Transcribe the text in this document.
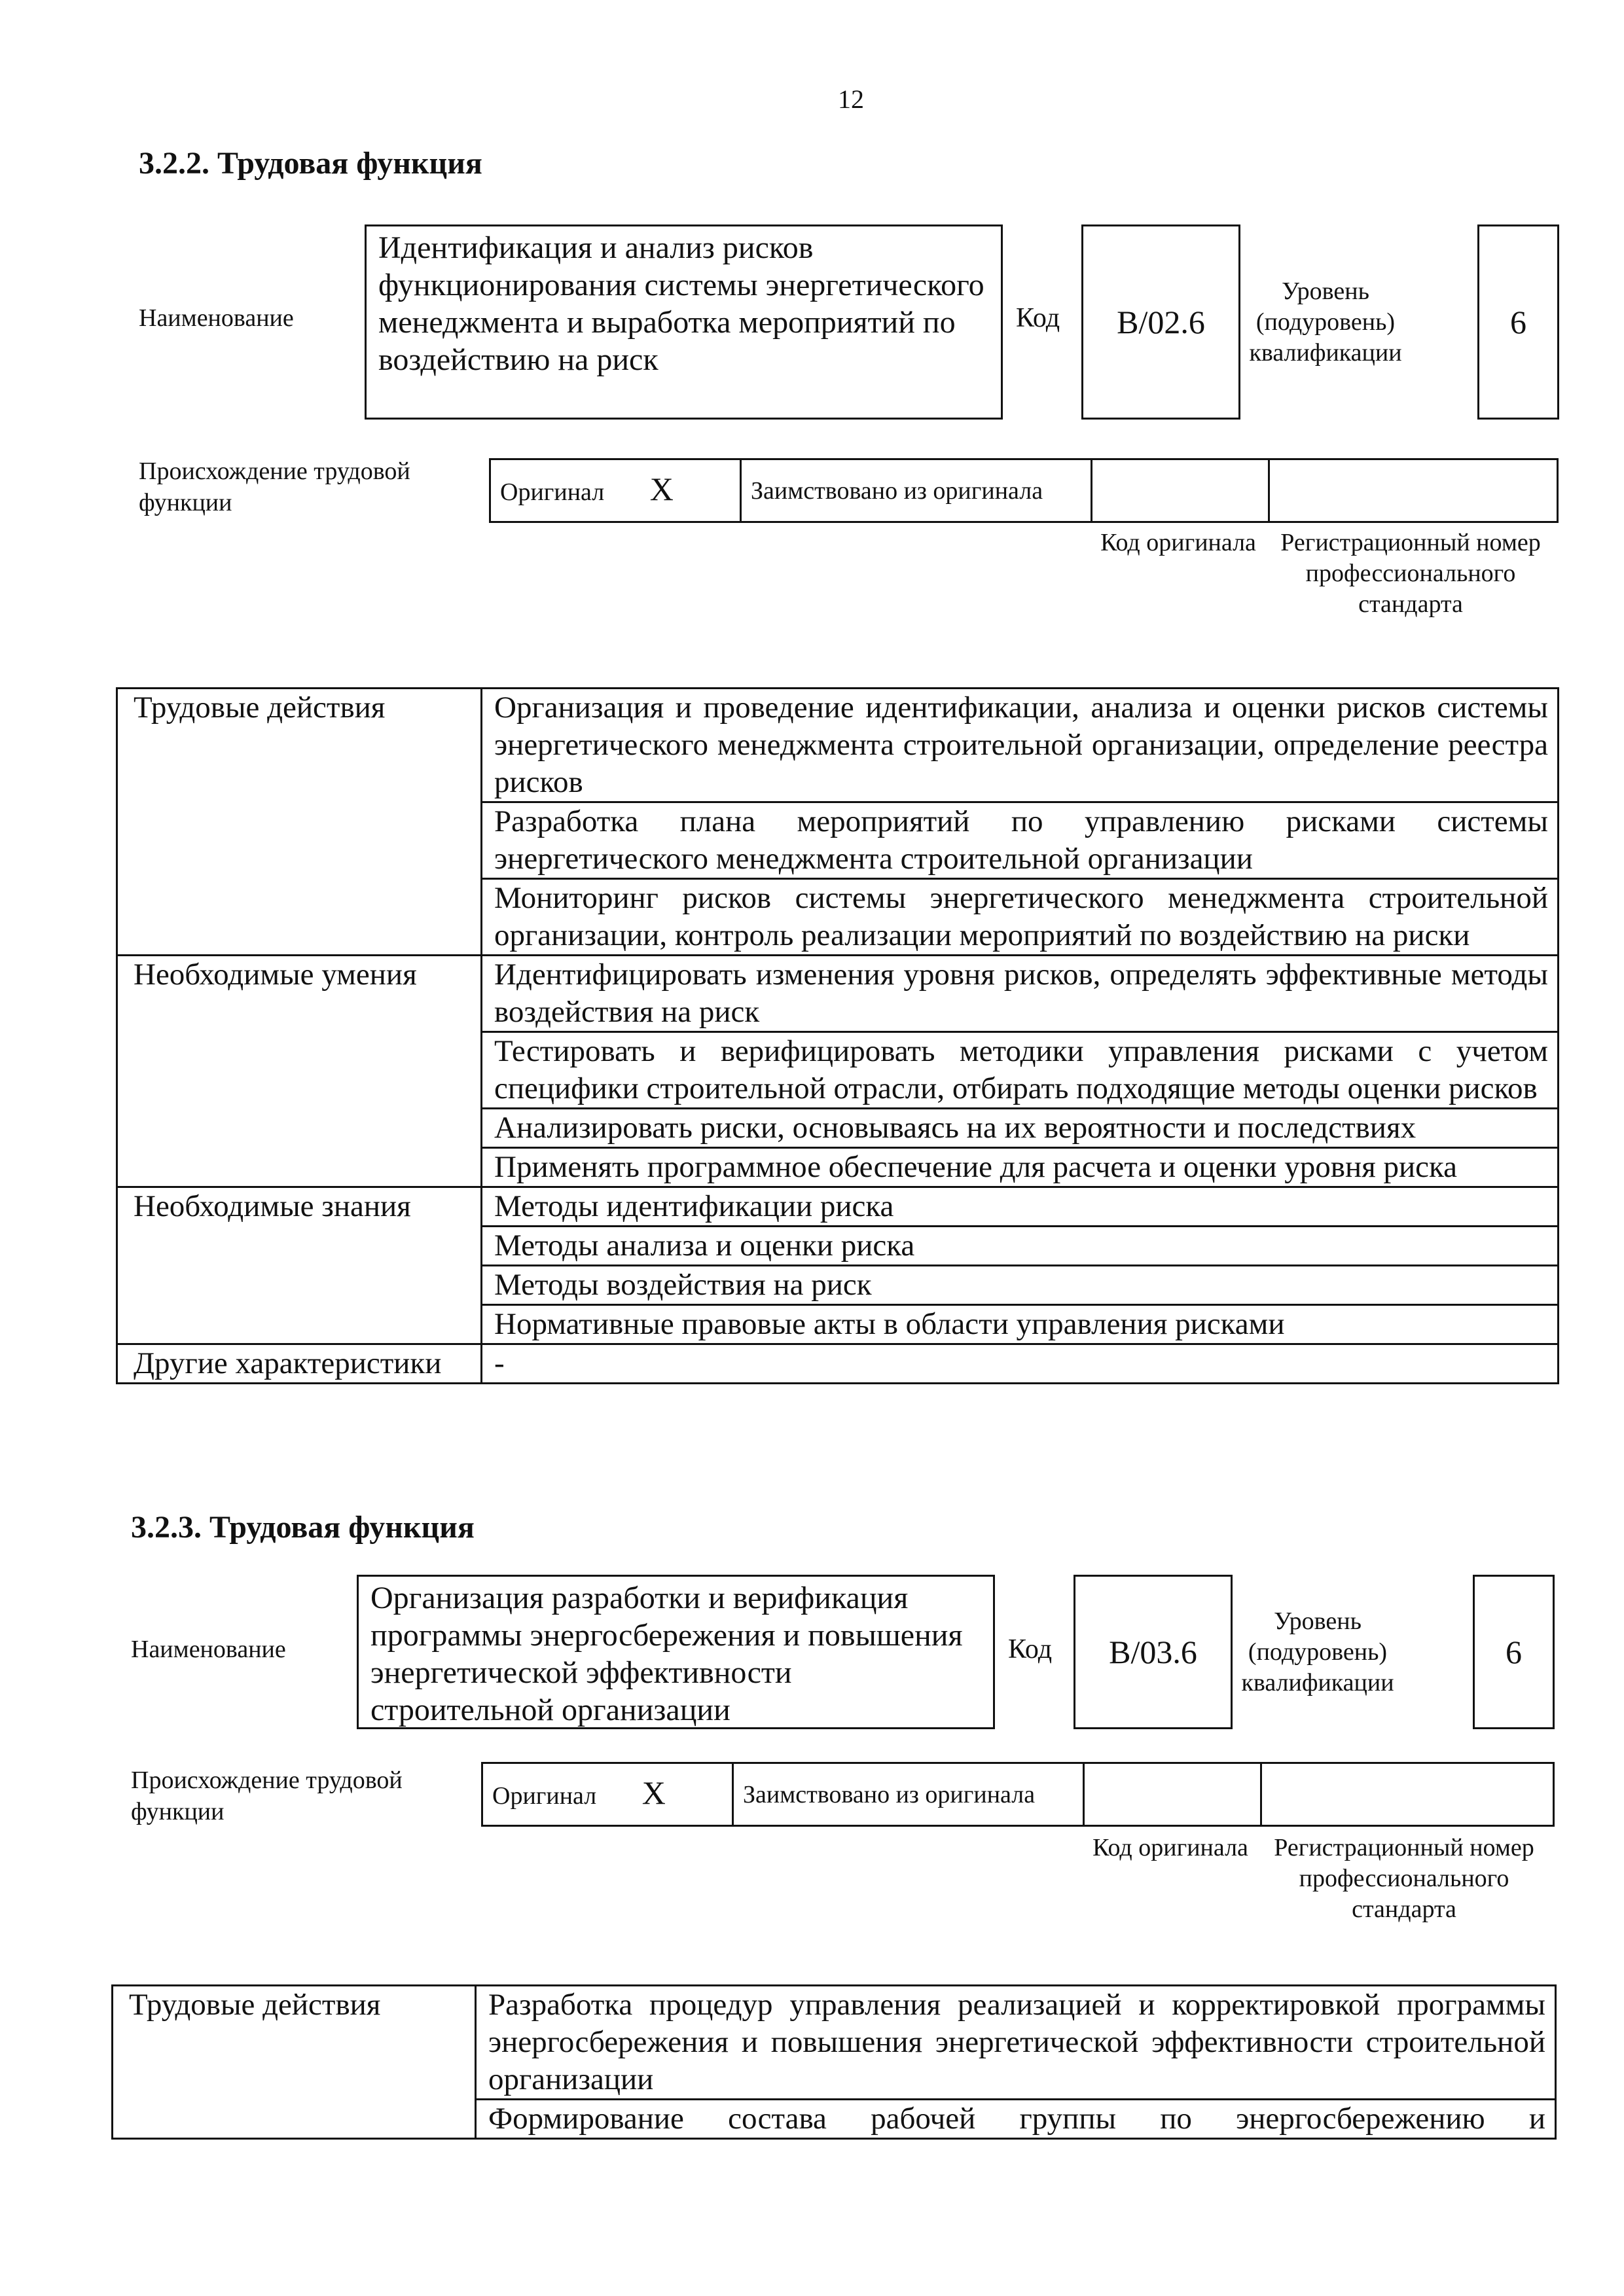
12
3.2.2. Трудовая функция
Наименование
Идентификация и анализ рисков функционирования системы энергетического менеджмента и выработка мероприятий по воздействию на риск
Код	B/02.6
Уровень (подуровень) квалификации
6
Происхождение трудовой функции	Оригинал X	Заимствовано из оригинала		
Код оригинала Регистрационный номер профессионального стандарта
Трудовые действия	Организация и проведение идентификации, анализа и оценки рисков системы энергетического менеджмента строительной организации, определение реестра рисков
	Разработка плана мероприятий по управлению рисками системы энергетического менеджмента строительной организации
	Мониторинг рисков системы энергетического менеджмента строительной организации, контроль реализации мероприятий по воздействию на риски
Необходимые умения	Идентифицировать изменения уровня рисков, определять эффективные методы воздействия на риск
	Тестировать и верифицировать методики управления рисками с учетом специфики строительной отрасли, отбирать подходящие методы оценки рисков
	Анализировать риски, основываясь на их вероятности и последствиях
	Применять программное обеспечение для расчета и оценки уровня риска
Необходимые знания	Методы идентификации риска
	Методы анализа и оценки риска
	Методы воздействия на риск
	Нормативные правовые акты в области управления рисками
Другие характеристики	-
3.2.3. Трудовая функция
Наименование
Организация разработки и верификация программы энергосбережения и повышения энергетической эффективности строительной организации
Код	B/03.6
Уровень (подуровень) квалификации
6
Происхождение трудовой функции
Оригинал X	Заимствовано из оригинала		
Код оригинала Регистрационный номер профессионального стандарта
Трудовые действия	Разработка процедур управления реализацией и корректировкой программы энергосбережения и повышения энергетической эффективности строительной организации
Формирование состава рабочей группы по энергосбережению и
